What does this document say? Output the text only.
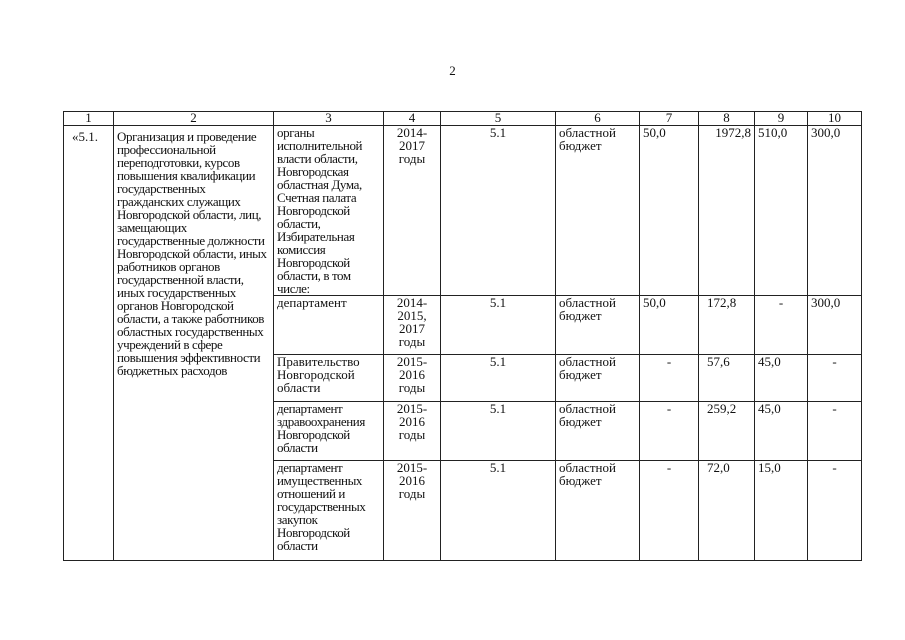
2
1	2	3	4	5	6	7	8	9	10
«5.1.	Организация и проведение профессиональной переподготовки, курсов повышения квалификации государственных гражданских служащих Новгородской области, лиц, замещающих государственные должности Новгородской области, иных работников органов государственной власти, иных государственных органов Новгородской области, а также работников областных государственных учреждений в сфере повышения эффективности бюджетных расходов	органы исполнительной власти области, Новгородская областная Дума, Счетная палата Новгородской области, Избирательная комиссия Новгородской области, в том числе:	2014-2017 годы	5.1	областной бюджет	50,0	1972,8	510,0	300,0
		департамент	2014-2015, 2017 годы	5.1	областной бюджет	50,0	172,8	-	300,0
		Правительство Новгородской области	2015-2016 годы	5.1	областной бюджет	-	57,6	45,0	-
		департамент здравоохранения Новгородской области	2015-2016 годы	5.1	областной бюджет	-	259,2	45,0	-
		департамент имущественных отношений и государственных закупок Новгородской области	2015-2016 годы	5.1	областной бюджет	-	72,0	15,0	-
